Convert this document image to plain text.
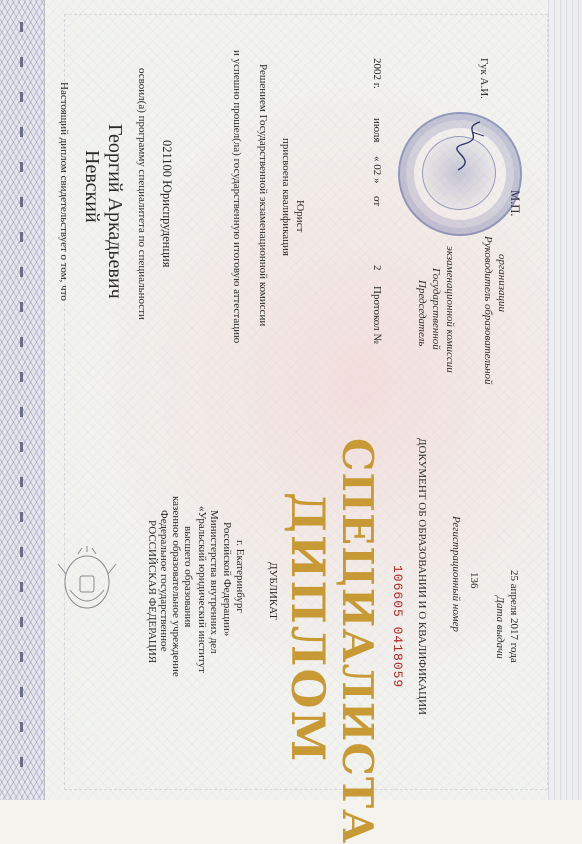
Настоящий диплом свидетельствует о том, что Невский Георгий Аркадьевич освоил(а) программу специалитета по специальности 021100 Юриспруденция	и успешно прошел(ла) государственную итоговую аттестацию Решением Государственной экзаменационной комиссии присвоена квалификация Юрист
Протокол №
2
от
« 02 »
июля
2002 г.
Председатель Государственной экзаменационной комиссии Руководитель образовательной организации
Гук А.И.
М.П.
РОССИЙСКАЯ ФЕДЕРАЦИЯ Федеральное государственное казенное образовательное учреждение высшего образования «Уральский юридический институт Министерства внутренних дел Российской Федерации» г. Екатеринбург ДУБЛИКАТ ДИПЛОМ
СПЕЦИАЛИСТА 106605 0418059 ДОКУМЕНТ ОБ ОБРАЗОВАНИИ И О КВАЛИФИКАЦИИ Регистрационный номер 136
Дата выдачи 25 апреля 2017 года
